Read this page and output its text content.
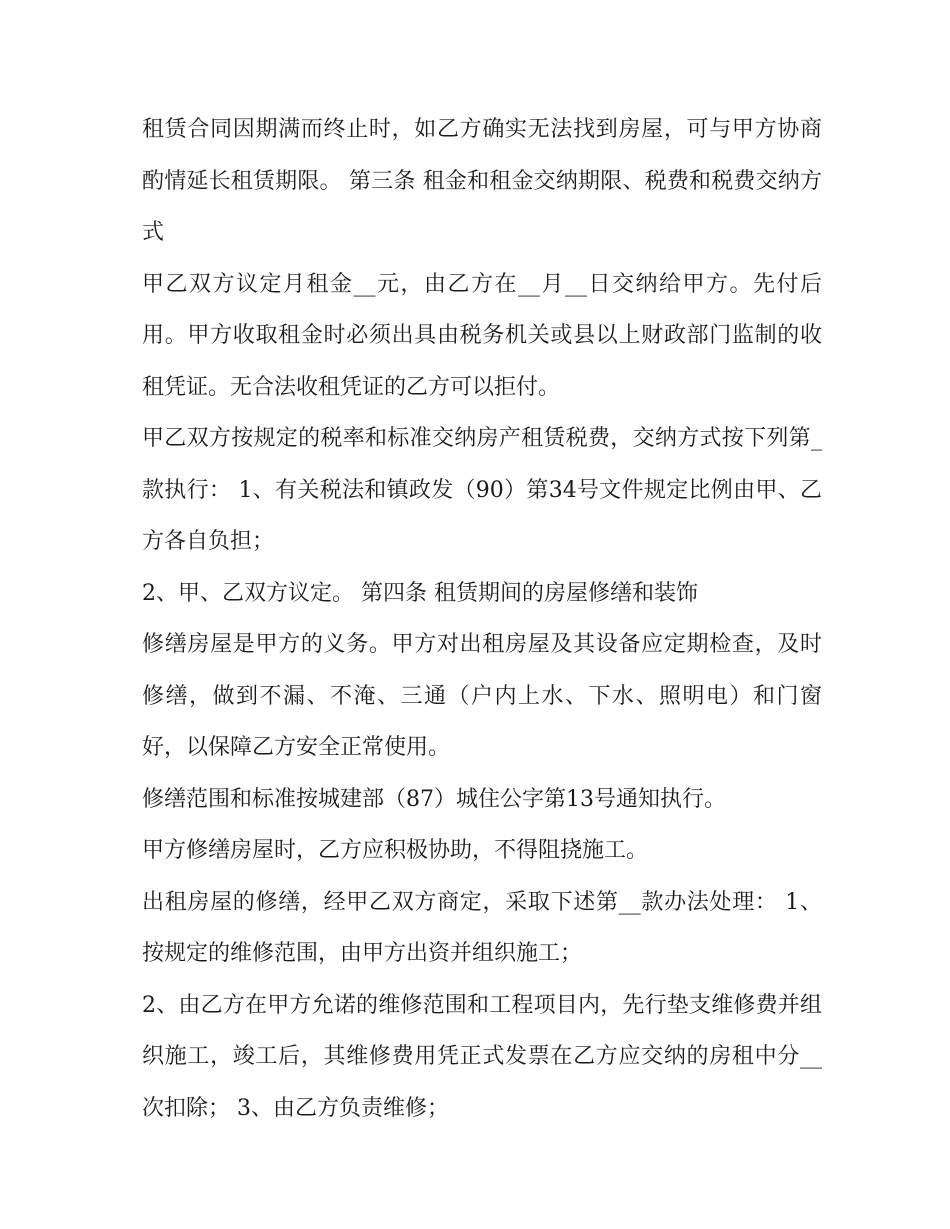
租赁合同因期满而终止时，如乙方确实无法找到房屋，可与甲方协商酌情延长租赁期限。 第三条 租金和租金交纳期限、税费和税费交纳方式

甲乙双方议定月租金__元，由乙方在__月__日交纳给甲方。先付后用。甲方收取租金时必须出具由税务机关或县以上财政部门监制的收租凭证。无合法收租凭证的乙方可以拒付。

甲乙双方按规定的税率和标准交纳房产租赁税费，交纳方式按下列第_款执行： 1、有关税法和镇政发（90）第34号文件规定比例由甲、乙方各自负担；

2、甲、乙双方议定。 第四条 租赁期间的房屋修缮和装饰

修缮房屋是甲方的义务。甲方对出租房屋及其设备应定期检查，及时修缮，做到不漏、不淹、三通（户内上水、下水、照明电）和门窗好，以保障乙方安全正常使用。

修缮范围和标准按城建部（87）城住公字第13号通知执行。

甲方修缮房屋时，乙方应积极协助，不得阻挠施工。

出租房屋的修缮，经甲乙双方商定，采取下述第__款办法处理： 1、按规定的维修范围，由甲方出资并组织施工；

2、由乙方在甲方允诺的维修范围和工程项目内，先行垫支维修费并组织施工，竣工后，其维修费用凭正式发票在乙方应交纳的房租中分__次扣除； 3、由乙方负责维修；
